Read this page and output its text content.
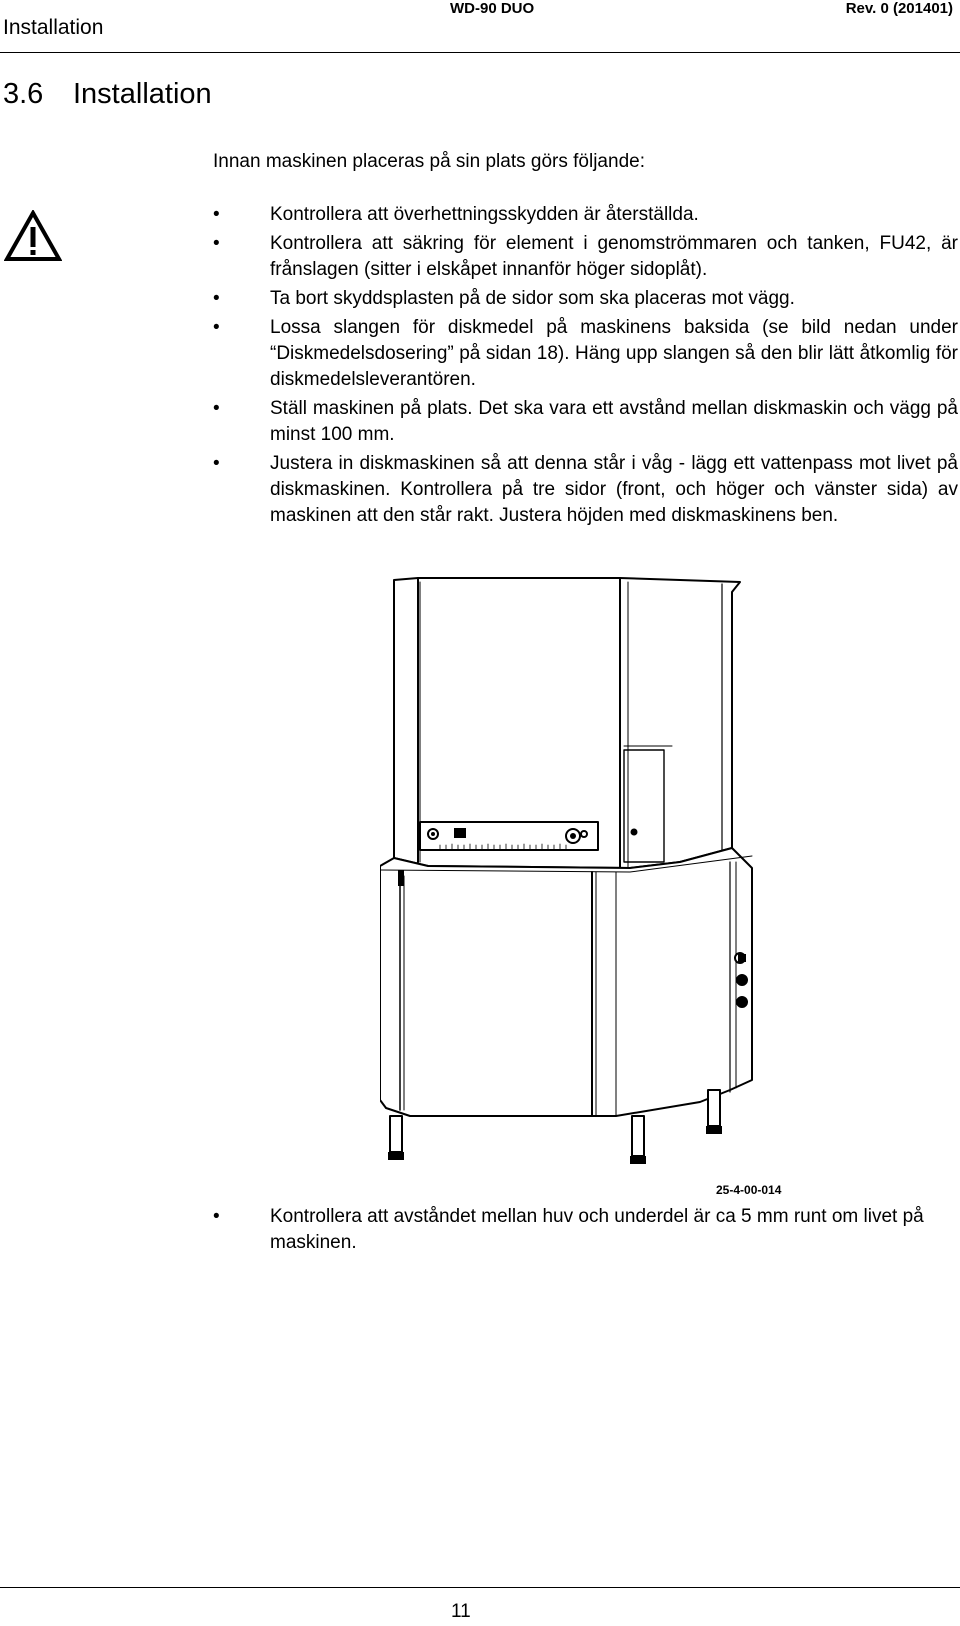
Installation
WD-90 DUO	Rev. 0 (201401)
3.6 Installation
Innan maskinen placeras på sin plats görs följande:
•	Kontrollera att överhettningsskydden är återställda.
•	Kontrollera att säkring för element i genomströmmaren och tanken, FU42, är frånslagen (sitter i elskåpet innanför höger sidoplåt).
•	Ta bort skyddsplasten på de sidor som ska placeras mot vägg.
•	Lossa slangen för diskmedel på maskinens baksida (se bild nedan under “Diskmedelsdosering” på sidan 18). Häng upp slangen så den blir lätt åtkomlig för diskmedelsleverantören.
•	Ställ maskinen på plats. Det ska vara ett avstånd mellan diskmaskin och vägg på minst 100 mm.
•	Justera in diskmaskinen så att denna står i våg - lägg ett vattenpass mot livet på diskmaskinen. Kontrollera på tre sidor (front, och höger och vänster sida) av maskinen att den står rakt. Justera höjden med diskmaskinens ben.
25-4-00-014
•	Kontrollera att avståndet mellan huv och underdel är ca 5 mm runt om livet på maskinen.
11
